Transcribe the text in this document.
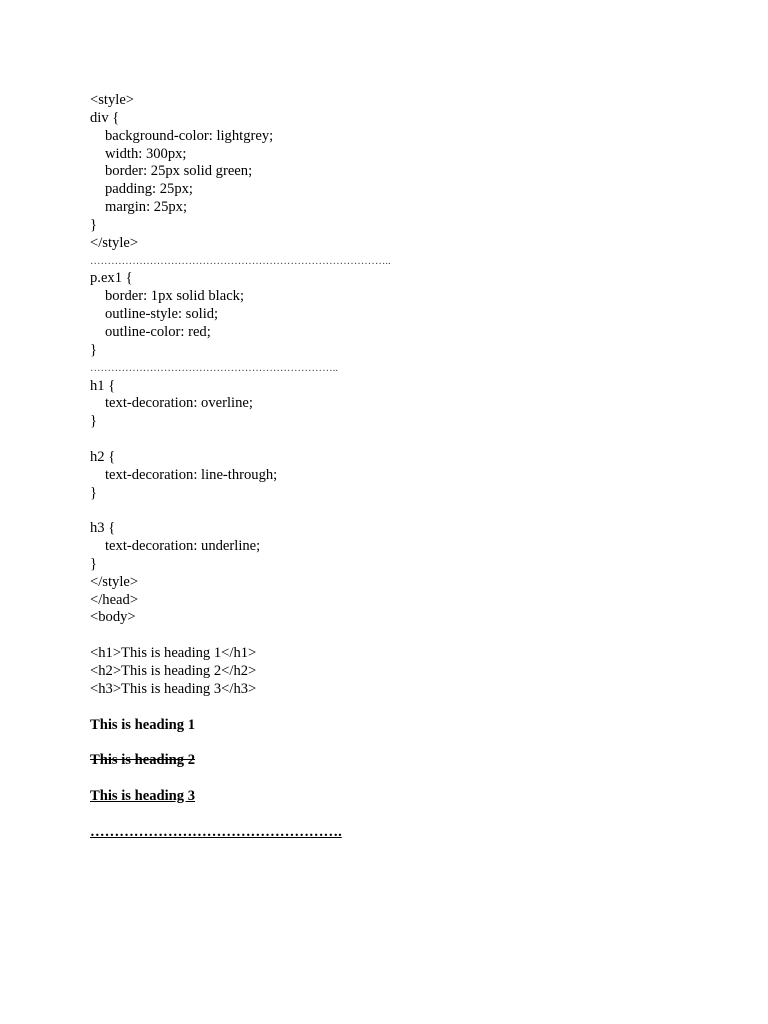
<style>
div {
background-color: lightgrey;
width: 300px;
border: 25px solid green;
padding: 25px;
margin: 25px;
}
</style>
…………………………………………………………………………..
p.ex1 {
border: 1px solid black;
outline-style: solid;
outline-color: red;
}
……………………………………………………………..
h1 {
text-decoration: overline;
}
h2 {
text-decoration: line-through;
}
h3 {
text-decoration: underline;
}
</style>
</head>
<body>
<h1>This is heading 1</h1>
<h2>This is heading 2</h2>
<h3>This is heading 3</h3>
This is heading 1
This is heading 2
This is heading 3
…………………………………………….
